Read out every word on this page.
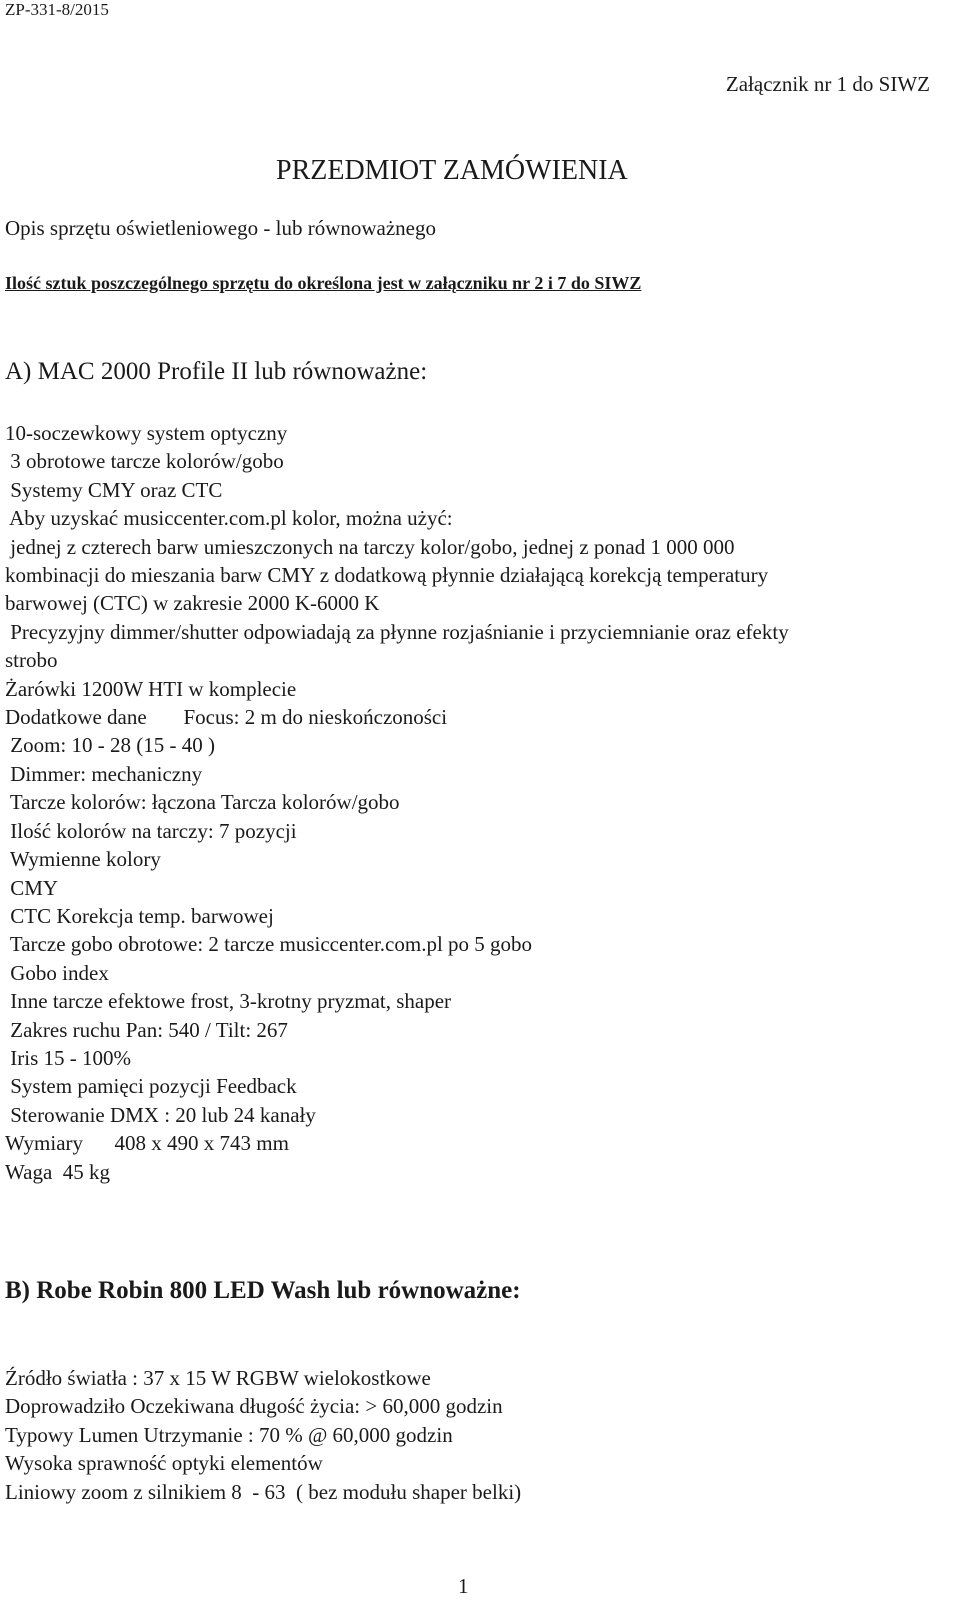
ZP-331-8/2015
Załącznik nr 1 do SIWZ
PRZEDMIOT ZAMÓWIENIA
Opis sprzętu oświetleniowego - lub równoważnego
Ilość sztuk poszczególnego sprzętu do określona jest w załączniku nr 2 i 7 do SIWZ
A) MAC 2000 Profile II lub równoważne:
10-soczewkowy system optyczny
3 obrotowe tarcze kolorów/gobo
Systemy CMY oraz CTC
Aby uzyskać musiccenter.com.pl kolor, można użyć:
jednej z czterech barw umieszczonych na tarczy kolor/gobo, jednej z ponad 1 000 000
kombinacji do mieszania barw CMY z dodatkową płynnie działającą korekcją temperatury
barwowej (CTC) w zakresie 2000 K-6000 K
Precyzyjny dimmer/shutter odpowiadają za płynne rozjaśnianie i przyciemnianie oraz efekty
strobo
Żarówki 1200W HTI w komplecie
Dodatkowe dane       Focus: 2 m do nieskończoności
Zoom: 10 - 28 (15 - 40 )
Dimmer: mechaniczny
Tarcze kolorów: łączona Tarcza kolorów/gobo
Ilość kolorów na tarczy: 7 pozycji
Wymienne kolory
CMY
CTC Korekcja temp. barwowej
Tarcze gobo obrotowe: 2 tarcze musiccenter.com.pl po 5 gobo
Gobo index
Inne tarcze efektowe frost, 3-krotny pryzmat, shaper
Zakres ruchu Pan: 540 / Tilt: 267
Iris 15 - 100%
System pamięci pozycji Feedback
Sterowanie DMX : 20 lub 24 kanały
Wymiary      408 x 490 x 743 mm
Waga  45 kg
B) Robe Robin 800 LED Wash lub równoważne:
Źródło światła : 37 x 15 W RGBW wielokostkowe
Doprowadziło Oczekiwana długość życia: > 60,000 godzin
Typowy Lumen Utrzymanie : 70 % @ 60,000 godzin
Wysoka sprawność optyki elementów
Liniowy zoom z silnikiem 8  - 63  ( bez modułu shaper belki)
1
